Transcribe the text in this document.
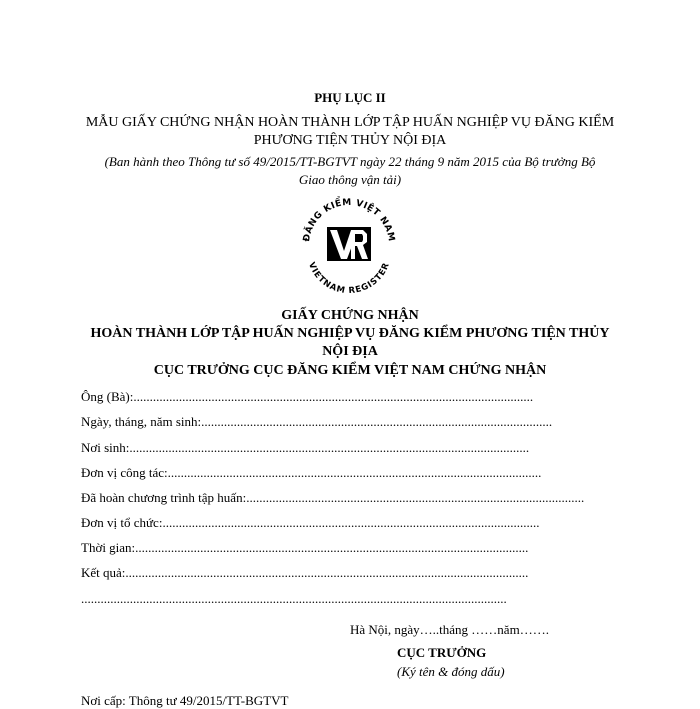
PHỤ LỤC II
MẪU GIẤY CHỨNG NHẬN HOÀN THÀNH LỚP TẬP HUẤN NGHIỆP VỤ ĐĂNG KIỂM
PHƯƠNG TIỆN THỦY NỘI ĐỊA
(Ban hành theo Thông tư số 49/2015/TT-BGTVT ngày 22 tháng 9 năm 2015 của Bộ trưởng Bộ
Giao thông vận tải)
ĐĂNG KIỂM VIỆT NAM
VIETNAM REGISTER
GIẤY CHỨNG NHẬN
HOÀN THÀNH LỚP TẬP HUẤN NGHIỆP VỤ ĐĂNG KIỂM PHƯƠNG TIỆN THỦY
NỘI ĐỊA
CỤC TRƯỞNG CỤC ĐĂNG KIỂM VIỆT NAM CHỨNG NHẬN
Ông (Bà):...........................................................................................................................
Ngày, tháng, năm sinh:............................................................................................................
Nơi sinh:...........................................................................................................................
Đơn vị công tác:...................................................................................................................
Đã hoàn chương trình tập huấn:........................................................................................................
Đơn vị tổ chức:....................................................................................................................
Thời gian:.........................................................................................................................
Kết quả:............................................................................................................................
...................................................................................................................................
Hà Nội, ngày…..tháng ……năm…….
CỤC TRƯỞNG
(Ký tên & đóng dấu)
Nơi cấp: Thông tư 49/2015/TT-BGTVT
